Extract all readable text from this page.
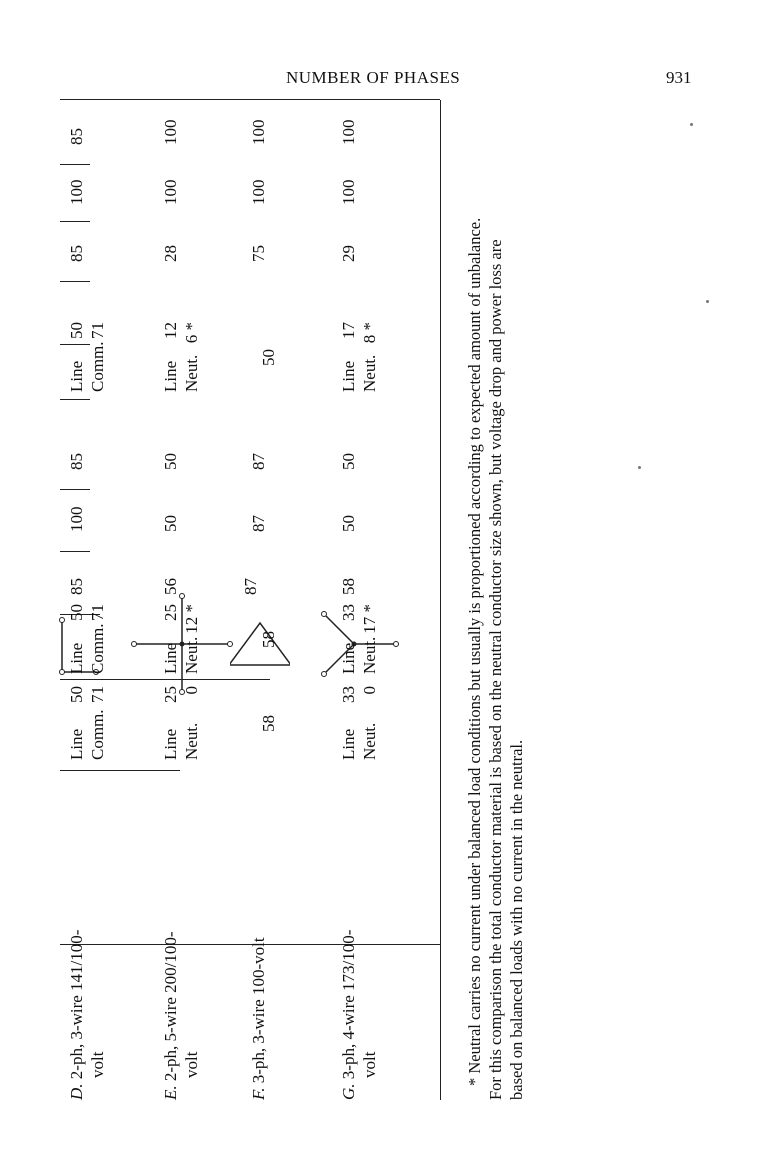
NUMBER OF PHASES	931
D. 2-ph, 3-wire 141/100- volt
Line
50
Comm.
71
Line
50
Comm.
71
85
100
85
Line
50
Comm.
71
85
100
85
E. 2-ph, 5-wire 200/100- volt
Line
25
Neut.
0
Line
25
Neut.
12 *
56
50
50
Line
12
Neut.
6 *
28
100
100
F. 3-ph, 3-wire 100-volt
58
58
87
87
87
50
75
100
100
G. 3-ph, 4-wire 173/100- volt
Line
33
Neut.
0
Line
33
Neut.
17 *
58
50
50
Line
17
Neut.
8 *
29
100
100

* Neutral carries no current under balanced load conditions but usually is proportioned according to expected amount of unbalance. For this comparison the total conductor material is based on the neutral conductor size shown, but voltage drop and power loss are based on balanced loads with no current in the neutral.
